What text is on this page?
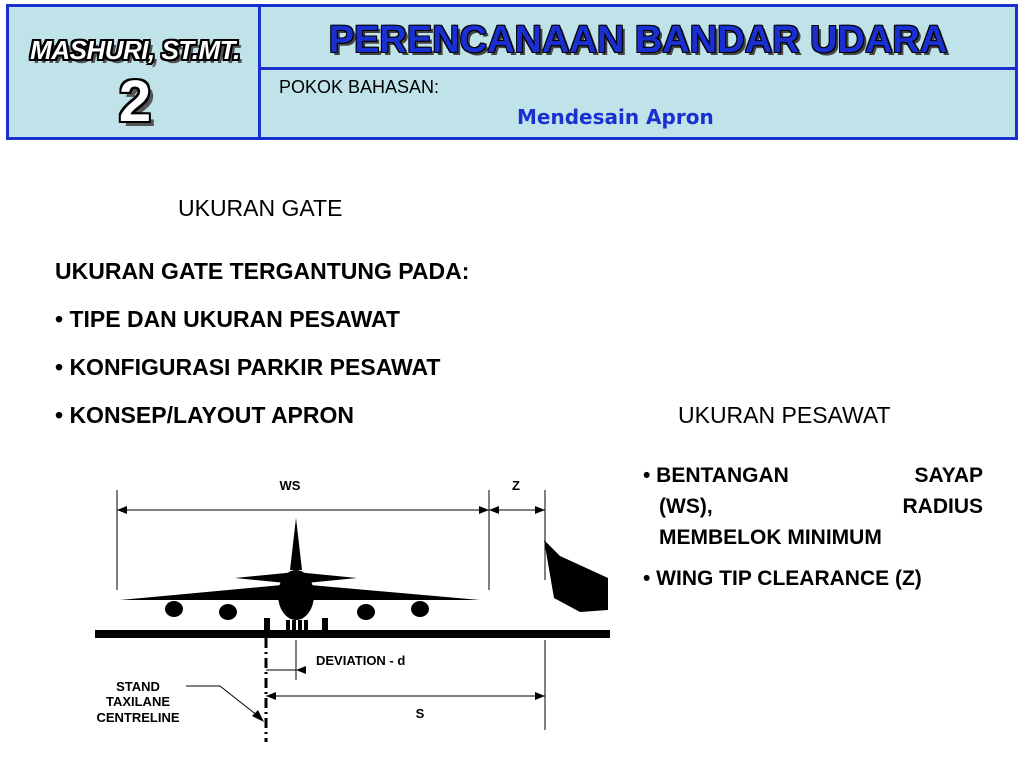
MASHURI, ST.MT.
2
PERENCANAAN BANDAR UDARA
POKOK BAHASAN:
Mendesain Apron
UKURAN GATE
UKURAN GATE TERGANTUNG PADA:
• TIPE DAN UKURAN PESAWAT
• KONFIGURASI PARKIR PESAWAT
• KONSEP/LAYOUT APRON	UKURAN PESAWAT
• BENTANGAN	SAYAP
(WS),	RADIUS
MEMBELOK MINIMUM
• WING TIP CLEARANCE (Z)
WS	Z
DEVIATION - d
S
STAND
TAXILANE
CENTRELINE
